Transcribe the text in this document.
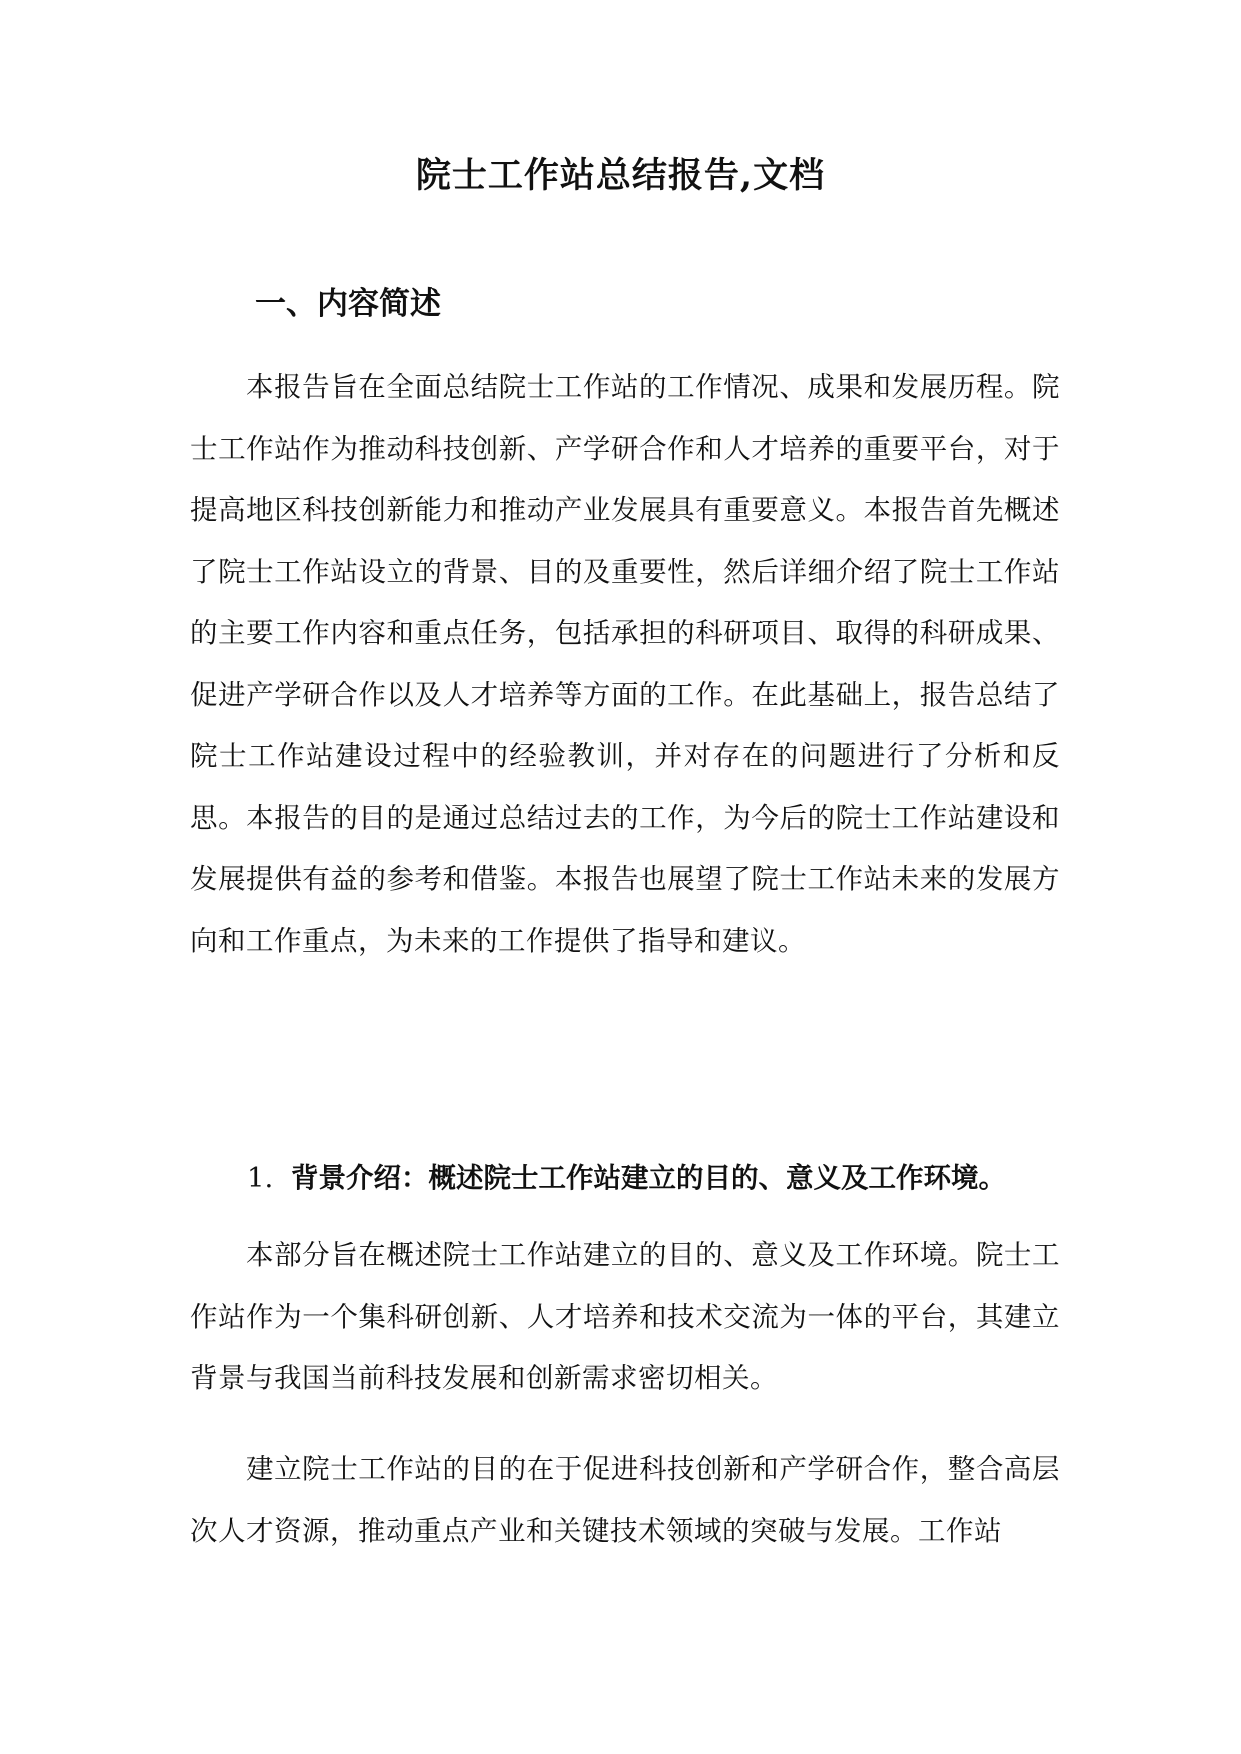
院士工作站总结报告,文档
一、内容简述

本报告旨在全面总结院士工作站的工作情况、成果和发展历程。院士工作站作为推动科技创新、产学研合作和人才培养的重要平台，对于提高地区科技创新能力和推动产业发展具有重要意义。本报告首先概述了院士工作站设立的背景、目的及重要性，然后详细介绍了院士工作站的主要工作内容和重点任务，包括承担的科研项目、取得的科研成果、促进产学研合作以及人才培养等方面的工作。在此基础上，报告总结了院士工作站建设过程中的经验教训，并对存在的问题进行了分析和反思。本报告的目的是通过总结过去的工作，为今后的院士工作站建设和发展提供有益的参考和借鉴。本报告也展望了院士工作站未来的发展方向和工作重点，为未来的工作提供了指导和建议。

1. 背景介绍：概述院士工作站建立的目的、意义及工作环境。

本部分旨在概述院士工作站建立的目的、意义及工作环境。院士工作站作为一个集科研创新、人才培养和技术交流为一体的平台，其建立背景与我国当前科技发展和创新需求密切相关。

建立院士工作站的目的在于促进科技创新和产学研合作，整合高层次人才资源，推动重点产业和关键技术领域的突破与发展。工作站
